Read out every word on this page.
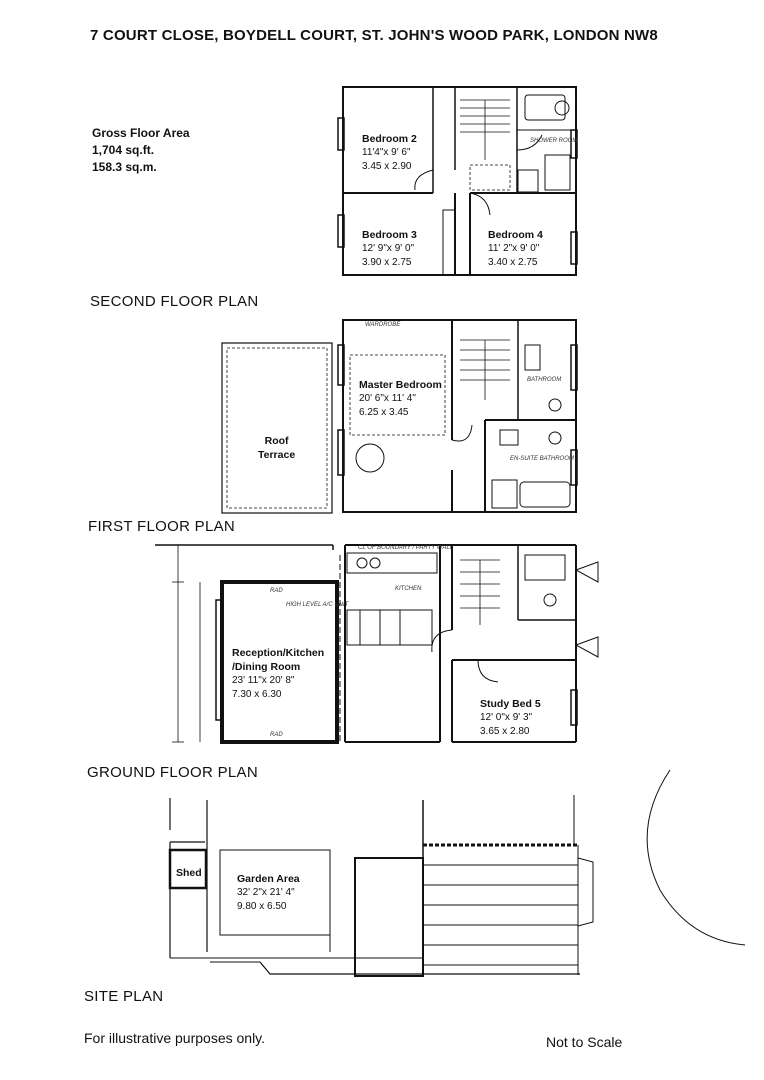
7 COURT CLOSE, BOYDELL COURT, ST. JOHN'S WOOD PARK, LONDON NW8
Gross Floor Area
1,704 sq.ft.
158.3 sq.m.
Bedroom 2
11'4"x 9' 6"
3.45 x 2.90
Bedroom 3
12' 9"x 9' 0"
3.90 x 2.75
Bedroom 4
11' 2"x 9' 0"
3.40 x 2.75
SHOWER ROOM
SECOND FLOOR PLAN
WARDROBE
Master Bedroom
20' 6"x 11' 4"
6.25 x 3.45
Roof
Terrace
BATHROOM
EN-SUITE BATHROOM
FIRST FLOOR PLAN
CL OF BOUNDARY / PARTY WALL
KITCHEN
RAD
HIGH LEVEL A/C UNIT
Reception/Kitchen
/Dining Room
23' 11"x 20' 8"
7.30 x 6.30
RAD
Study Bed 5
12' 0"x 9' 3"
3.65 x 2.80
GROUND FLOOR PLAN
Shed	Garden Area
32' 2"x 21' 4"
9.80 x 6.50
SITE PLAN
For illustrative purposes only.	Not to Scale
